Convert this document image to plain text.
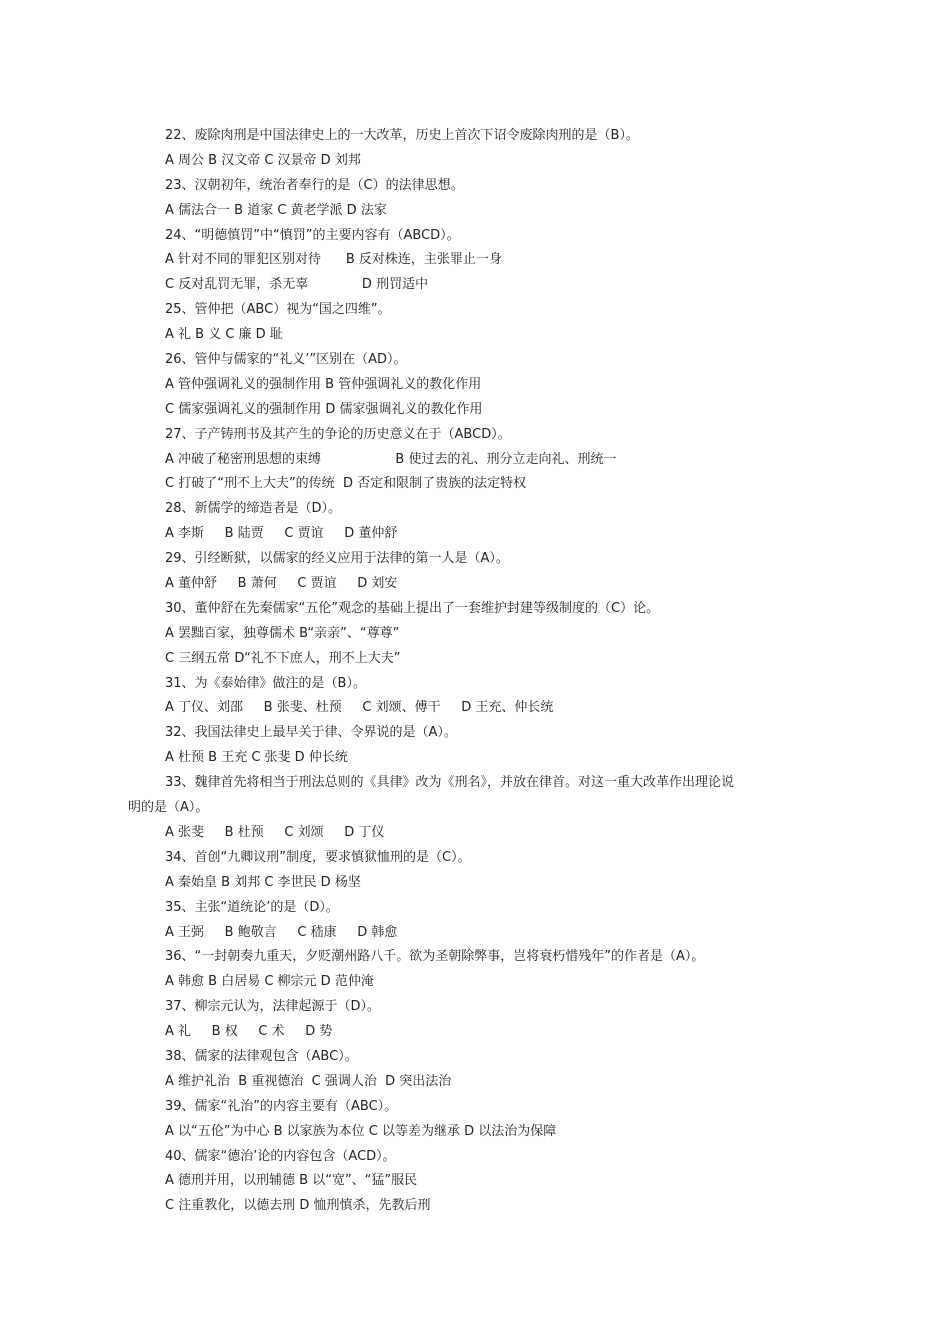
22、废除肉刑是中国法律史上的一大改革，历史上首次下诏令废除肉刑的是（B）。
A 周公 B 汉文帝 C 汉景帝 D 刘邦
23、汉朝初年，统治者奉行的是（C）的法律思想。
A 儒法合一 B 道家 C 黄老学派 D 法家
24、“明德慎罚”中“慎罚”的主要内容有（ABCD）。
A 针对不同的罪犯区别对待      B 反对株连，主张罪止一身
C 反对乱罚无罪，杀无辜             D 刑罚适中
25、管仲把（ABC）视为“国之四维”。
A 礼 B 义 C 廉 D 耻
26、管仲与儒家的“礼义’”区别在（AD）。
A 管仲强调礼义的强制作用 B 管仲强调礼义的教化作用
C 儒家强调礼义的强制作用 D 儒家强调礼义的教化作用
27、子产铸刑书及其产生的争论的历史意义在于（ABCD）。
A 冲破了秘密刑思想的束缚                  B 使过去的礼、刑分立走向礼、刑统一
C 打破了“刑不上大夫”的传统  D 否定和限制了贵族的法定特权
28、新儒学的缔造者是（D）。
A 李斯     B 陆贾     C 贾谊     D 董仲舒
29、引经断狱，以儒家的经义应用于法律的第一人是（A）。
A 董仲舒     B 萧何     C 贾谊     D 刘安
30、董仲舒在先秦儒家“五伦”观念的基础上提出了一套维护封建等级制度的（C）论。
A 罢黜百家，独尊儒术 B“亲亲”、“尊尊”
C 三纲五常 D“礼不下庶人，刑不上大夫”
31、为《泰始律》做注的是（B）。
A 丁仪、刘邵     B 张斐、杜预     C 刘颂、傅干     D 王充、仲长统
32、我国法律史上最早关于律、令界说的是（A）。
A 杜预 B 王充 C 张斐 D 仲长统
33、魏律首先将相当于刑法总则的《具律》改为《刑名》，并放在律首。对这一重大改革作出理论说
明的是（A）。
A 张斐     B 杜预     C 刘颂     D 丁仪
34、首创“九卿议刑”制度，要求慎狱恤刑的是（C）。
A 秦始皇 B 刘邦 C 李世民 D 杨坚
35、主张“道统论’的是（D）。
A 王弼     B 鲍敬言     C 嵇康     D 韩愈
36、“一封朝奏九重天，夕贬潮州路八千。欲为圣朝除弊事，岂将衰朽惜残年”的作者是（A）。
A 韩愈 B 白居易 C 柳宗元 D 范仲淹
37、柳宗元认为，法律起源于（D）。
A 礼     B 权     C 术     D 势
38、儒家的法律观包含（ABC）。
A 维护礼治  B 重视德治  C 强调人治  D 突出法治
39、儒家“礼治”的内容主要有（ABC）。
A 以“五伦”为中心 B 以家族为本位 C 以等差为继承 D 以法治为保障
40、儒家“德治’论的内容包含（ACD）。
A 德刑并用，以刑辅德 B 以“宽”、“猛”服民
C 注重教化，以德去刑 D 恤刑慎杀，先教后刑
